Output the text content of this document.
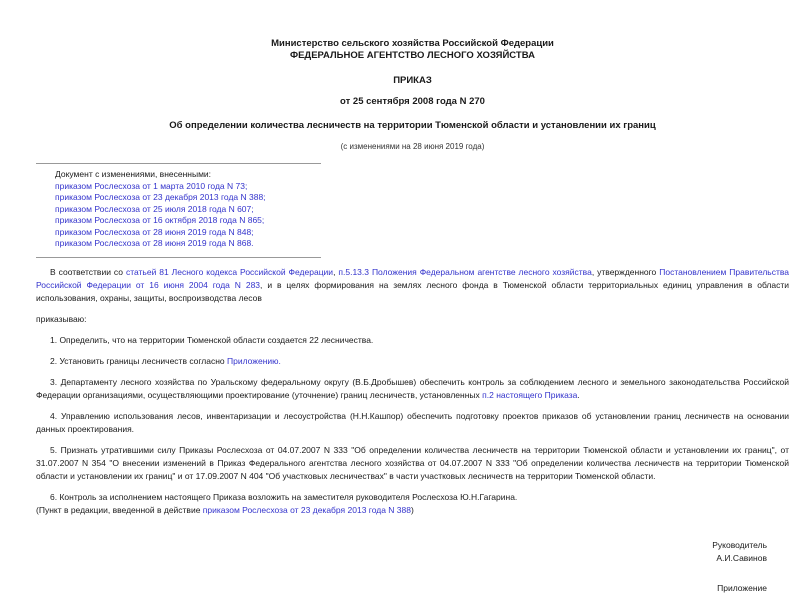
Министерство сельского хозяйства Российской Федерации
ФЕДЕРАЛЬНОЕ АГЕНТСТВО ЛЕСНОГО ХОЗЯЙСТВА
ПРИКАЗ
от 25 сентября 2008 года N 270
Об определении количества лесничеств на территории Тюменской области и установлении их границ
(с изменениями на 28 июня 2019 года)
Документ с изменениями, внесенными:
приказом Рослесхоза от 1 марта 2010 года N 73;
приказом Рослесхоза от 23 декабря 2013 года N 388;
приказом Рослесхоза от 25 июля 2018 года N 607;
приказом Рослесхоза от 16 октября 2018 года N 865;
приказом Рослесхоза от 28 июня 2019 года N 848;
приказом Рослесхоза от 28 июня 2019 года N 868.
В соответствии со статьей 81 Лесного кодекса Российской Федерации, п.5.13.3 Положения Федеральном агентстве лесного хозяйства, утвержденного Постановлением Правительства Российской Федерации от 16 июня 2004 года N 283, и в целях формирования на землях лесного фонда в Тюменской области территориальных единиц управления в области использования, охраны, защиты, воспроизводства лесов
приказываю:
1. Определить, что на территории Тюменской области создается 22 лесничества.
2. Установить границы лесничеств согласно Приложению.
3. Департаменту лесного хозяйства по Уральскому федеральному округу (В.Б.Дробышев) обеспечить контроль за соблюдением лесного и земельного законодательства Российской Федерации организациями, осуществляющими проектирование (уточнение) границ лесничеств, установленных п.2 настоящего Приказа.
4. Управлению использования лесов, инвентаризации и лесоустройства (Н.Н.Кашпор) обеспечить подготовку проектов приказов об установлении границ лесничеств на основании данных проектирования.
5. Признать утратившими силу Приказы Рослесхоза от 04.07.2007 N 333 "Об определении количества лесничеств на территории Тюменской области и установлении их границ", от 31.07.2007 N 354 "О внесении изменений в Приказ Федерального агентства лесного хозяйства от 04.07.2007 N 333 "Об определении количества лесничеств на территории Тюменской области и установлении их границ" и от 17.09.2007 N 404 "Об участковых лесничествах" в части участковых лесничеств на территории Тюменской области.
6. Контроль за исполнением настоящего Приказа возложить на заместителя руководителя Рослесхоза Ю.Н.Гагарина.
(Пункт в редакции, введенной в действие приказом Рослесхоза от 23 декабря 2013 года N 388)
Руководитель
А.И.Савинов
Приложение
